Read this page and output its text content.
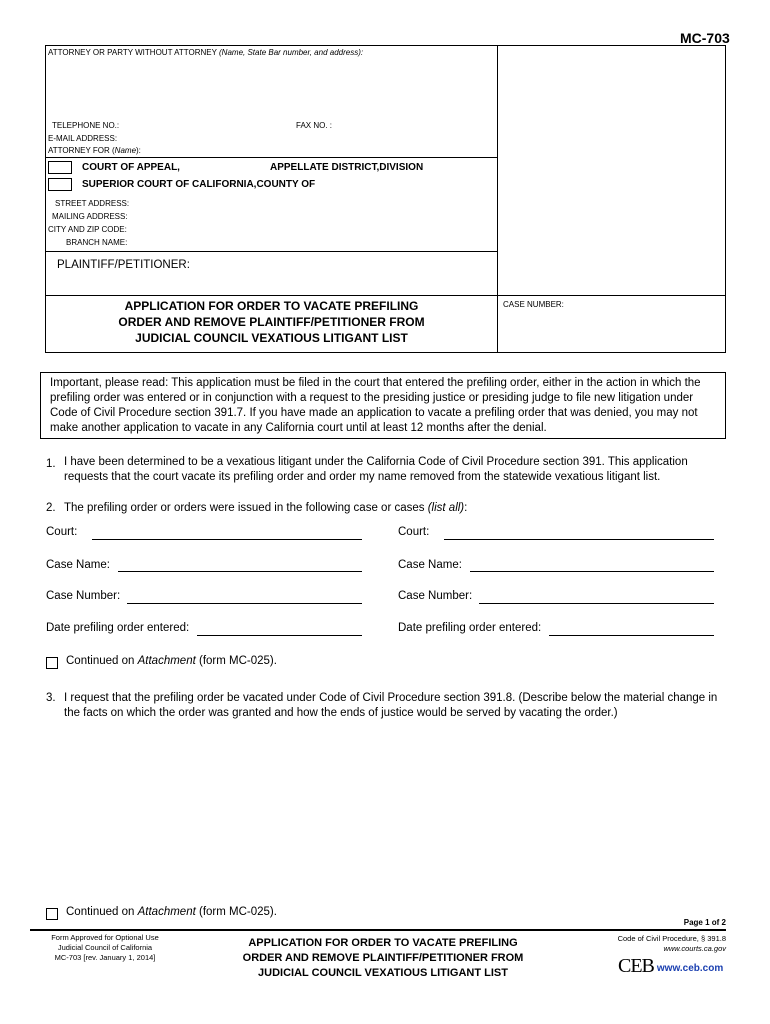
MC-703
ATTORNEY OR PARTY WITHOUT ATTORNEY (Name, State Bar number, and address):
TELEPHONE NO.:	FAX NO. :
E-MAIL ADDRESS:
ATTORNEY FOR (Name):
COURT OF APPEAL,	APPELLATE DISTRICT,DIVISION
SUPERIOR COURT OF CALIFORNIA,COUNTY OF
STREET ADDRESS:
MAILING ADDRESS:
CITY AND ZIP CODE:
BRANCH NAME:
PLAINTIFF/PETITIONER:
APPLICATION FOR ORDER TO VACATE PREFILING
ORDER AND REMOVE PLAINTIFF/PETITIONER FROM
JUDICIAL COUNCIL VEXATIOUS LITIGANT LIST
CASE NUMBER:
Important, please read: This application must be filed in the court that entered the prefiling order, either in the action in which the
prefiling order was entered or in conjunction with a request to the presiding justice or presiding judge to file new litigation under
Code of Civil Procedure section 391.7. If you have made an application to vacate a prefiling order that was denied, you may not
make another application to vacate in any California court until at least 12 months after the denial.
1. I have been determined to be a vexatious litigant under the California Code of Civil Procedure section 391. This application
requests that the court vacate its prefiling order and order my name removed from the statewide vexatious litigant list.
2. The prefiling order or orders were issued in the following case or cases (list all):
Court:
Case Name:
Case Number:
Date prefiling order entered:
Court:
Case Name:
Case Number:
Date prefiling order entered:
Continued on Attachment (form MC-025).
3. I request that the prefiling order be vacated under Code of Civil Procedure section 391.8. (Describe below the material change in
the facts on which the order was granted and how the ends of justice would be served by vacating the order.)
Continued on Attachment (form MC-025).
Page 1 of 2
Form Approved for Optional Use
Judicial Council of California
MC-703 [rev. January 1, 2014]
APPLICATION FOR ORDER TO VACATE PREFILING
ORDER AND REMOVE PLAINTIFF/PETITIONER FROM
JUDICIAL COUNCIL VEXATIOUS LITIGANT LIST
Code of Civil Procedure, § 391.8
www.courts.ca.gov
CEB www.ceb.com
